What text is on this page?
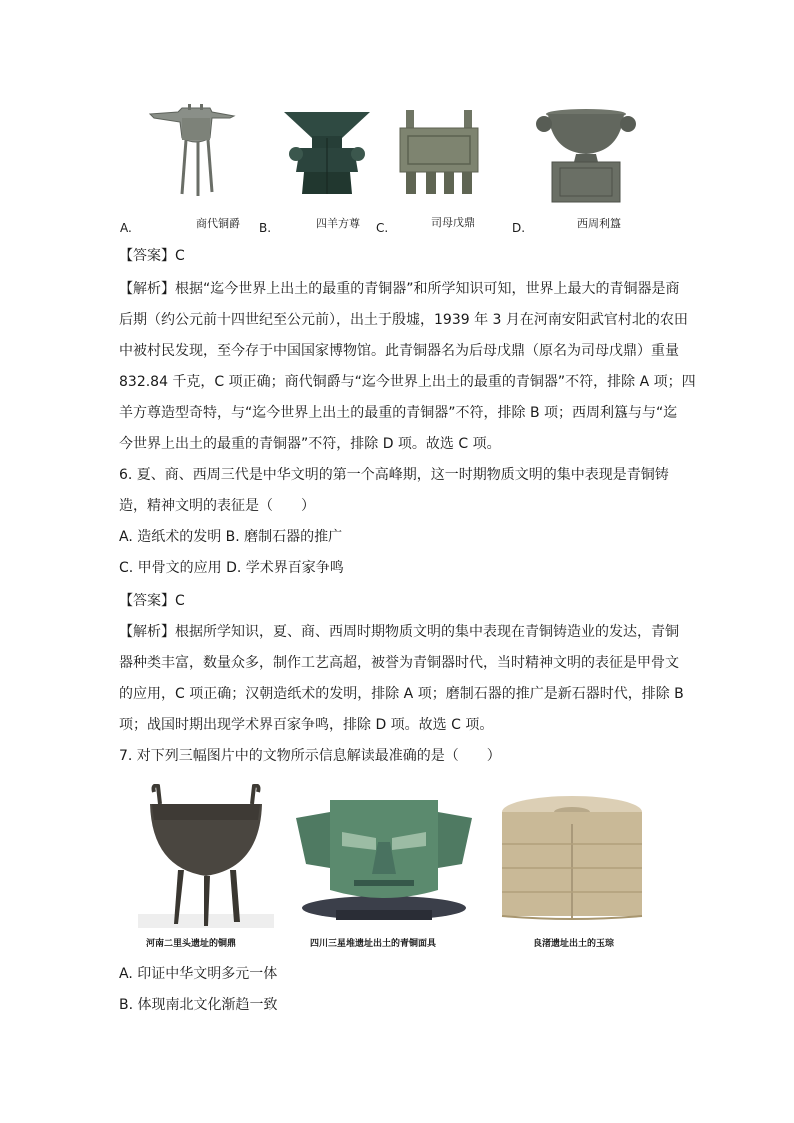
A.	商代铜爵 B.	四羊方尊 C.	司母戊鼎	D.	西周利簋
【答案】C
【解析】根据“迄今世界上出土的最重的青铜器”和所学知识可知，世界上最大的青铜器是商
后期（约公元前十四世纪至公元前），出土于殷墟，1939 年 3 月在河南安阳武官村北的农田
中被村民发现，至今存于中国国家博物馆。此青铜器名为后母戊鼎（原名为司母戊鼎）重量
832.84 千克，C 项正确；商代铜爵与“迄今世界上出土的最重的青铜器”不符，排除 A 项；四
羊方尊造型奇特，与“迄今世界上出土的最重的青铜器”不符，排除 B 项；西周利簋与与“迄
今世界上出土的最重的青铜器”不符，排除 D 项。故选 C 项。
6. 夏、商、西周三代是中华文明的第一个高峰期，这一时期物质文明的集中表现是青铜铸
造，精神文明的表征是（　　）
A. 造纸术的发明 B. 磨制石器的推广
C. 甲骨文的应用 D. 学术界百家争鸣
【答案】C
【解析】根据所学知识，夏、商、西周时期物质文明的集中表现在青铜铸造业的发达，青铜
器种类丰富，数量众多，制作工艺高超，被誉为青铜器时代，当时精神文明的表征是甲骨文
的应用，C 项正确；汉朝造纸术的发明，排除 A 项；磨制石器的推广是新石器时代，排除 B
项；战国时期出现学术界百家争鸣，排除 D 项。故选 C 项。
7. 对下列三幅图片中的文物所示信息解读最准确的是（　　）
河南二里头遗址的铜鼎	四川三星堆遗址出土的青铜面具	良渚遗址出土的玉琮
A. 印证中华文明多元一体
B. 体现南北文化渐趋一致
